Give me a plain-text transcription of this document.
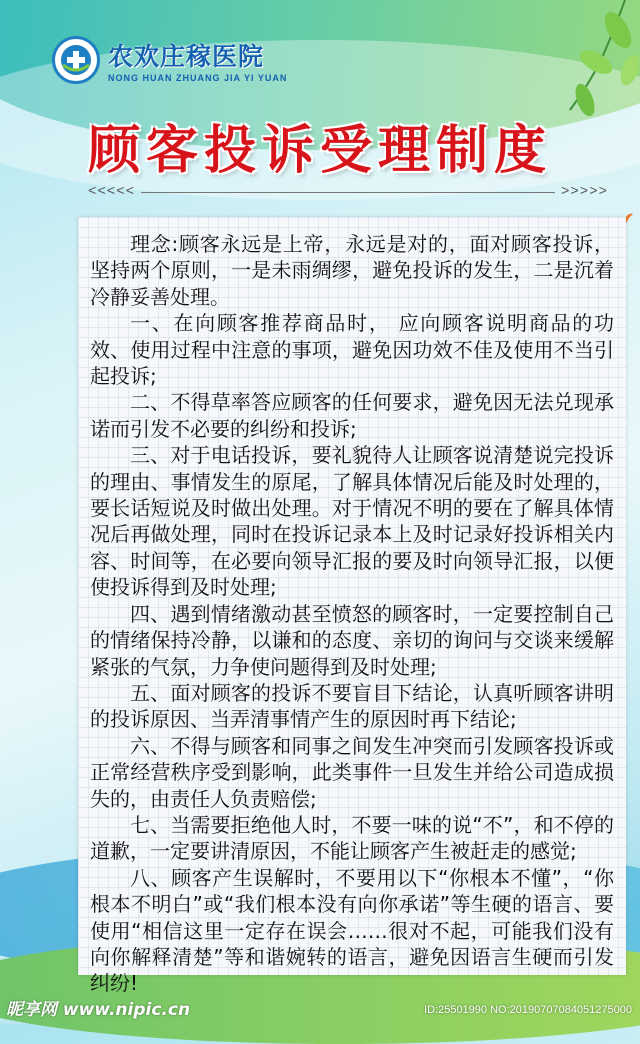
农欢庄稼医院
NONG HUAN ZHUANG JIA YI YUAN
顾客投诉受理制度
<<<<<	>>>>>

理念:顾客永远是上帝，永远是对的，面对顾客投诉，坚持两个原则，一是未雨绸缪，避免投诉的发生，二是沉着冷静妥善处理。

一、在向顾客推荐商品时， 应向顾客说明商品的功效、使用过程中注意的事项，避免因功效不佳及使用不当引起投诉;

二、不得草率答应顾客的任何要求，避免因无法兑现承诺而引发不必要的纠纷和投诉;

三、对于电话投诉，要礼貌待人让顾客说清楚说完投诉的理由、事情发生的原尾，了解具体情况后能及时处理的，要长话短说及时做出处理。对于情况不明的要在了解具体情况后再做处理，同时在投诉记录本上及时记录好投诉相关内容、时间等，在必要向领导汇报的要及时向领导汇报，以便使投诉得到及时处理;

四、遇到情绪激动甚至愤怒的顾客时，一定要控制自己的情绪保持冷静，以谦和的态度、亲切的询问与交谈来缓解紧张的气氛，力争使问题得到及时处理;

五、面对顾客的投诉不要盲目下结论，认真听顾客讲明的投诉原因、当弄清事情产生的原因时再下结论;

六、不得与顾客和同事之间发生冲突而引发顾客投诉或正常经营秩序受到影响，此类事件一旦发生并给公司造成损失的，由责任人负责赔偿;

七、当需要拒绝他人时，不要一味的说“不”，和不停的道歉，一定要讲清原因，不能让顾客产生被赶走的感觉;

八、顾客产生误解时，不要用以下“你根本不懂”，“你根本不明白”或“我们根本没有向你承诺”等生硬的语言、要使用“相信这里一定存在误会……很对不起，可能我们没有向你解释清楚”等和谐婉转的语言，避免因语言生硬而引发纠纷!

昵享网 www.nipic.cn	ID:25501990 NO:20190707084051275000
